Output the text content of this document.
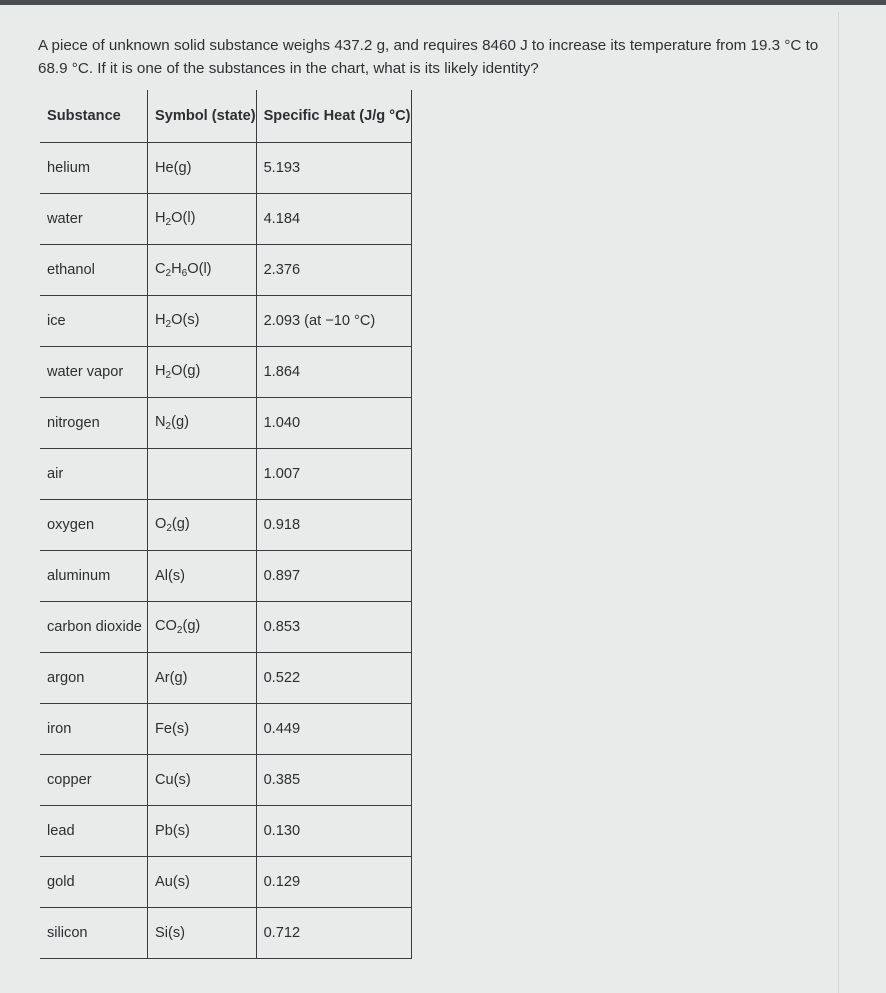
A piece of unknown solid substance weighs 437.2 g, and requires 8460 J to increase its temperature from 19.3 °C to 68.9 °C. If it is one of the substances in the chart, what is its likely identity?

Substance	Symbol (state)	Specific Heat (J/g °C)
helium	He(g)	5.193
water	$H_2O(l)$	4.184
ethanol	$C_2H_6O(l)$	2.376
ice	$H_2O(s)$	2.093 (at −10 °C)
water vapor	$H_2O(g)$	1.864
nitrogen	$N_2(g)$	1.040
air		1.007
oxygen	$O_2(g)$	0.918
aluminum	Al(s)	0.897
carbon dioxide	$CO_2(g)$	0.853
argon	Ar(g)	0.522
iron	Fe(s)	0.449
copper	Cu(s)	0.385
lead	Pb(s)	0.130
gold	Au(s)	0.129
silicon	Si(s)	0.712
